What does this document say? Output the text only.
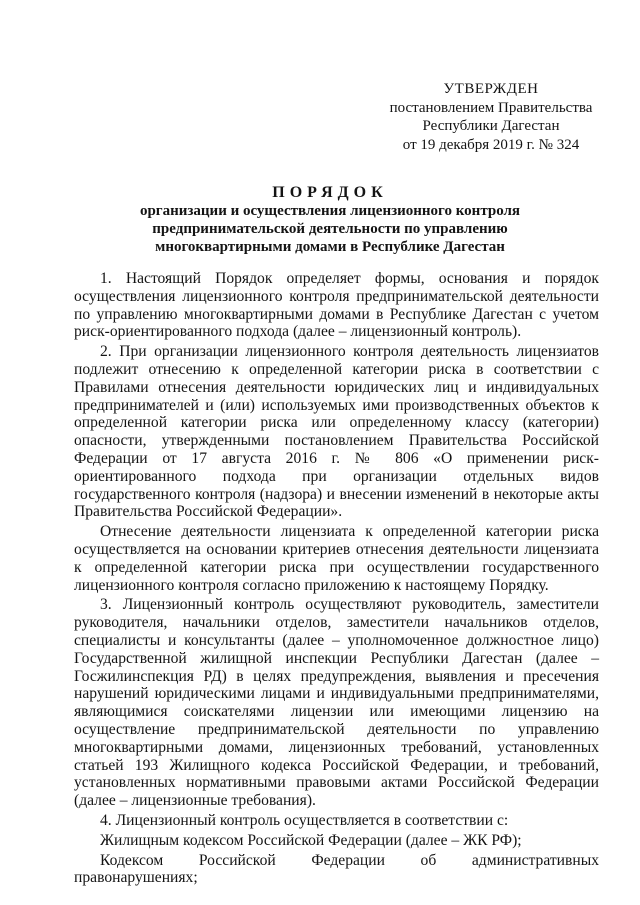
УТВЕРЖДЕН
постановлением Правительства
Республики Дагестан
от 19 декабря 2019 г. № 324
ПОРЯДОК
организации и осуществления лицензионного контроля
предпринимательской деятельности по управлению
многоквартирными домами в Республике Дагестан

1. Настоящий Порядок определяет формы, основания и порядок осуществления лицензионного контроля предпринимательской деятельности по управлению многоквартирными домами в Республике Дагестан с учетом риск-ориентированного подхода (далее – лицензионный контроль).

2. При организации лицензионного контроля деятельность лицензиатов подлежит отнесению к определенной категории риска в соответствии с Правилами отнесения деятельности юридических лиц и индивидуальных предпринимателей и (или) используемых ими производственных объектов к определенной категории риска или определенному классу (категории) опасности, утвержденными постановлением Правительства Российской Федерации от 17 августа 2016 г. № 806 «О применении риск-ориентированного подхода при организации отдельных видов государственного контроля (надзора) и внесении изменений в некоторые акты Правительства Российской Федерации».

Отнесение деятельности лицензиата к определенной категории риска осуществляется на основании критериев отнесения деятельности лицензиата к определенной категории риска при осуществлении государственного лицензионного контроля согласно приложению к настоящему Порядку.

3. Лицензионный контроль осуществляют руководитель, заместители руководителя, начальники отделов, заместители начальников отделов, специалисты и консультанты (далее – уполномоченное должностное лицо) Государственной жилищной инспекции Республики Дагестан (далее – Госжилинспекция РД) в целях предупреждения, выявления и пресечения нарушений юридическими лицами и индивидуальными предпринимателями, являющимися соискателями лицензии или имеющими лицензию на осуществление предпринимательской деятельности по управлению многоквартирными домами, лицензионных требований, установленных статьей 193 Жилищного кодекса Российской Федерации, и требований, установленных нормативными правовыми актами Российской Федерации (далее – лицензионные требования).

4. Лицензионный контроль осуществляется в соответствии с:

Жилищным кодексом Российской Федерации (далее – ЖК РФ);

Кодексом Российской Федерации об административных правонарушениях;
